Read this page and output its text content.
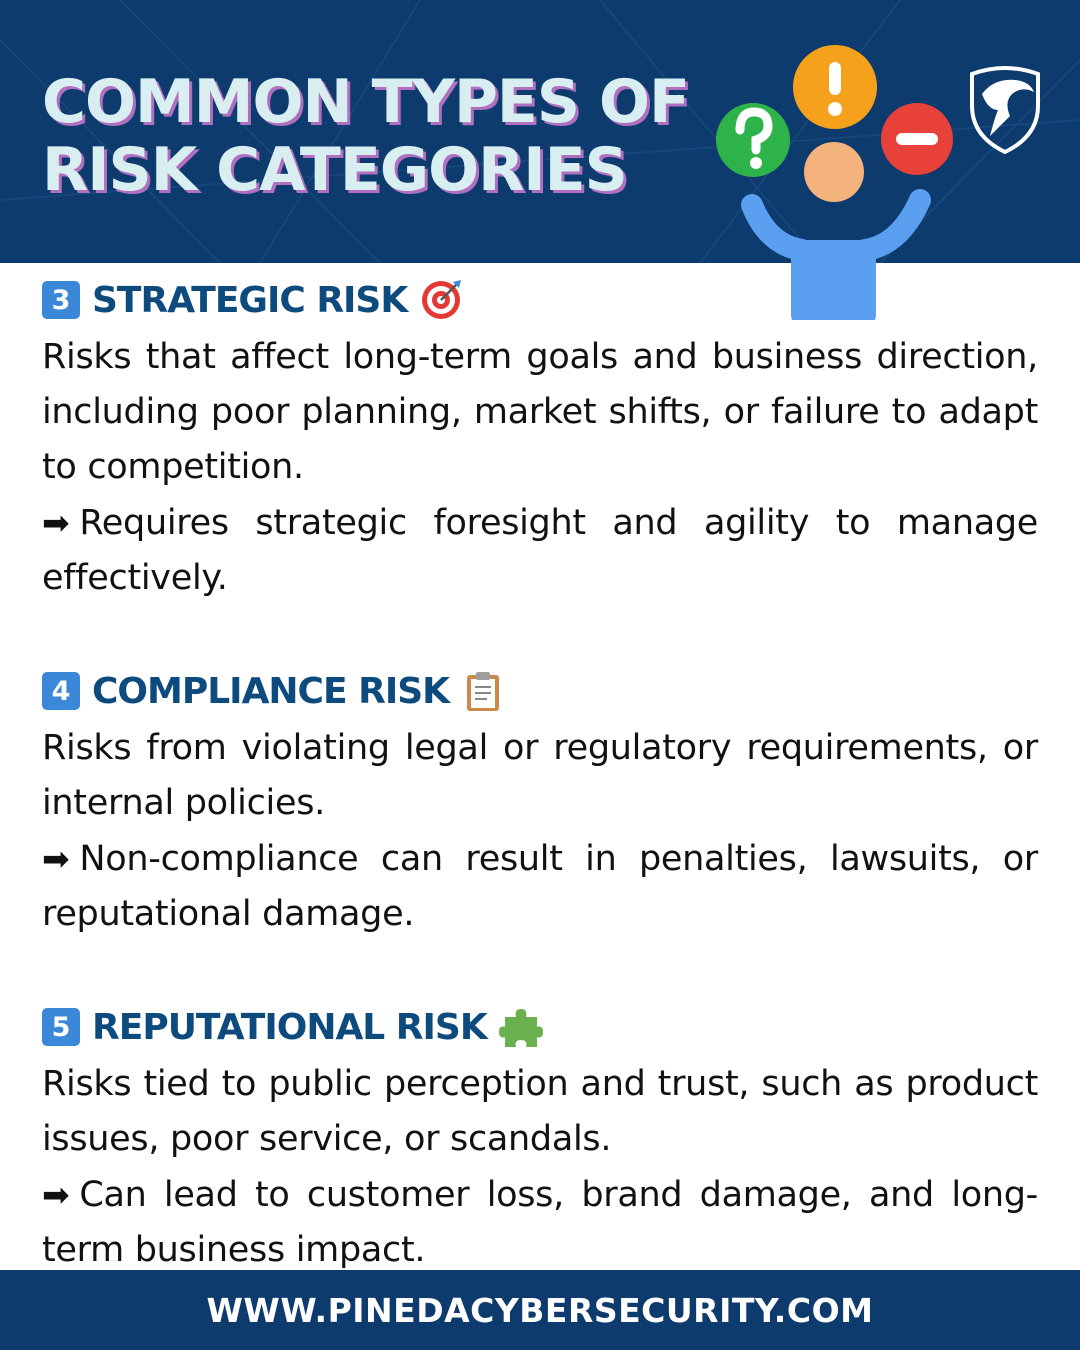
COMMON TYPES OF
RISK CATEGORIES
3 STRATEGIC RISK

Risks that affect long-term goals and business direction, including poor planning, market shifts, or failure to adapt to competition.

➡ Requires strategic foresight and agility to manage effectively.

4 COMPLIANCE RISK

Risks from violating legal or regulatory requirements, or internal policies.

➡ Non-compliance can result in penalties, lawsuits, or reputational damage.

5 REPUTATIONAL RISK

Risks tied to public perception and trust, such as product issues, poor service, or scandals.

➡ Can lead to customer loss, brand damage, and long-term business impact.

WWW.PINEDACYBERSECURITY.COM
